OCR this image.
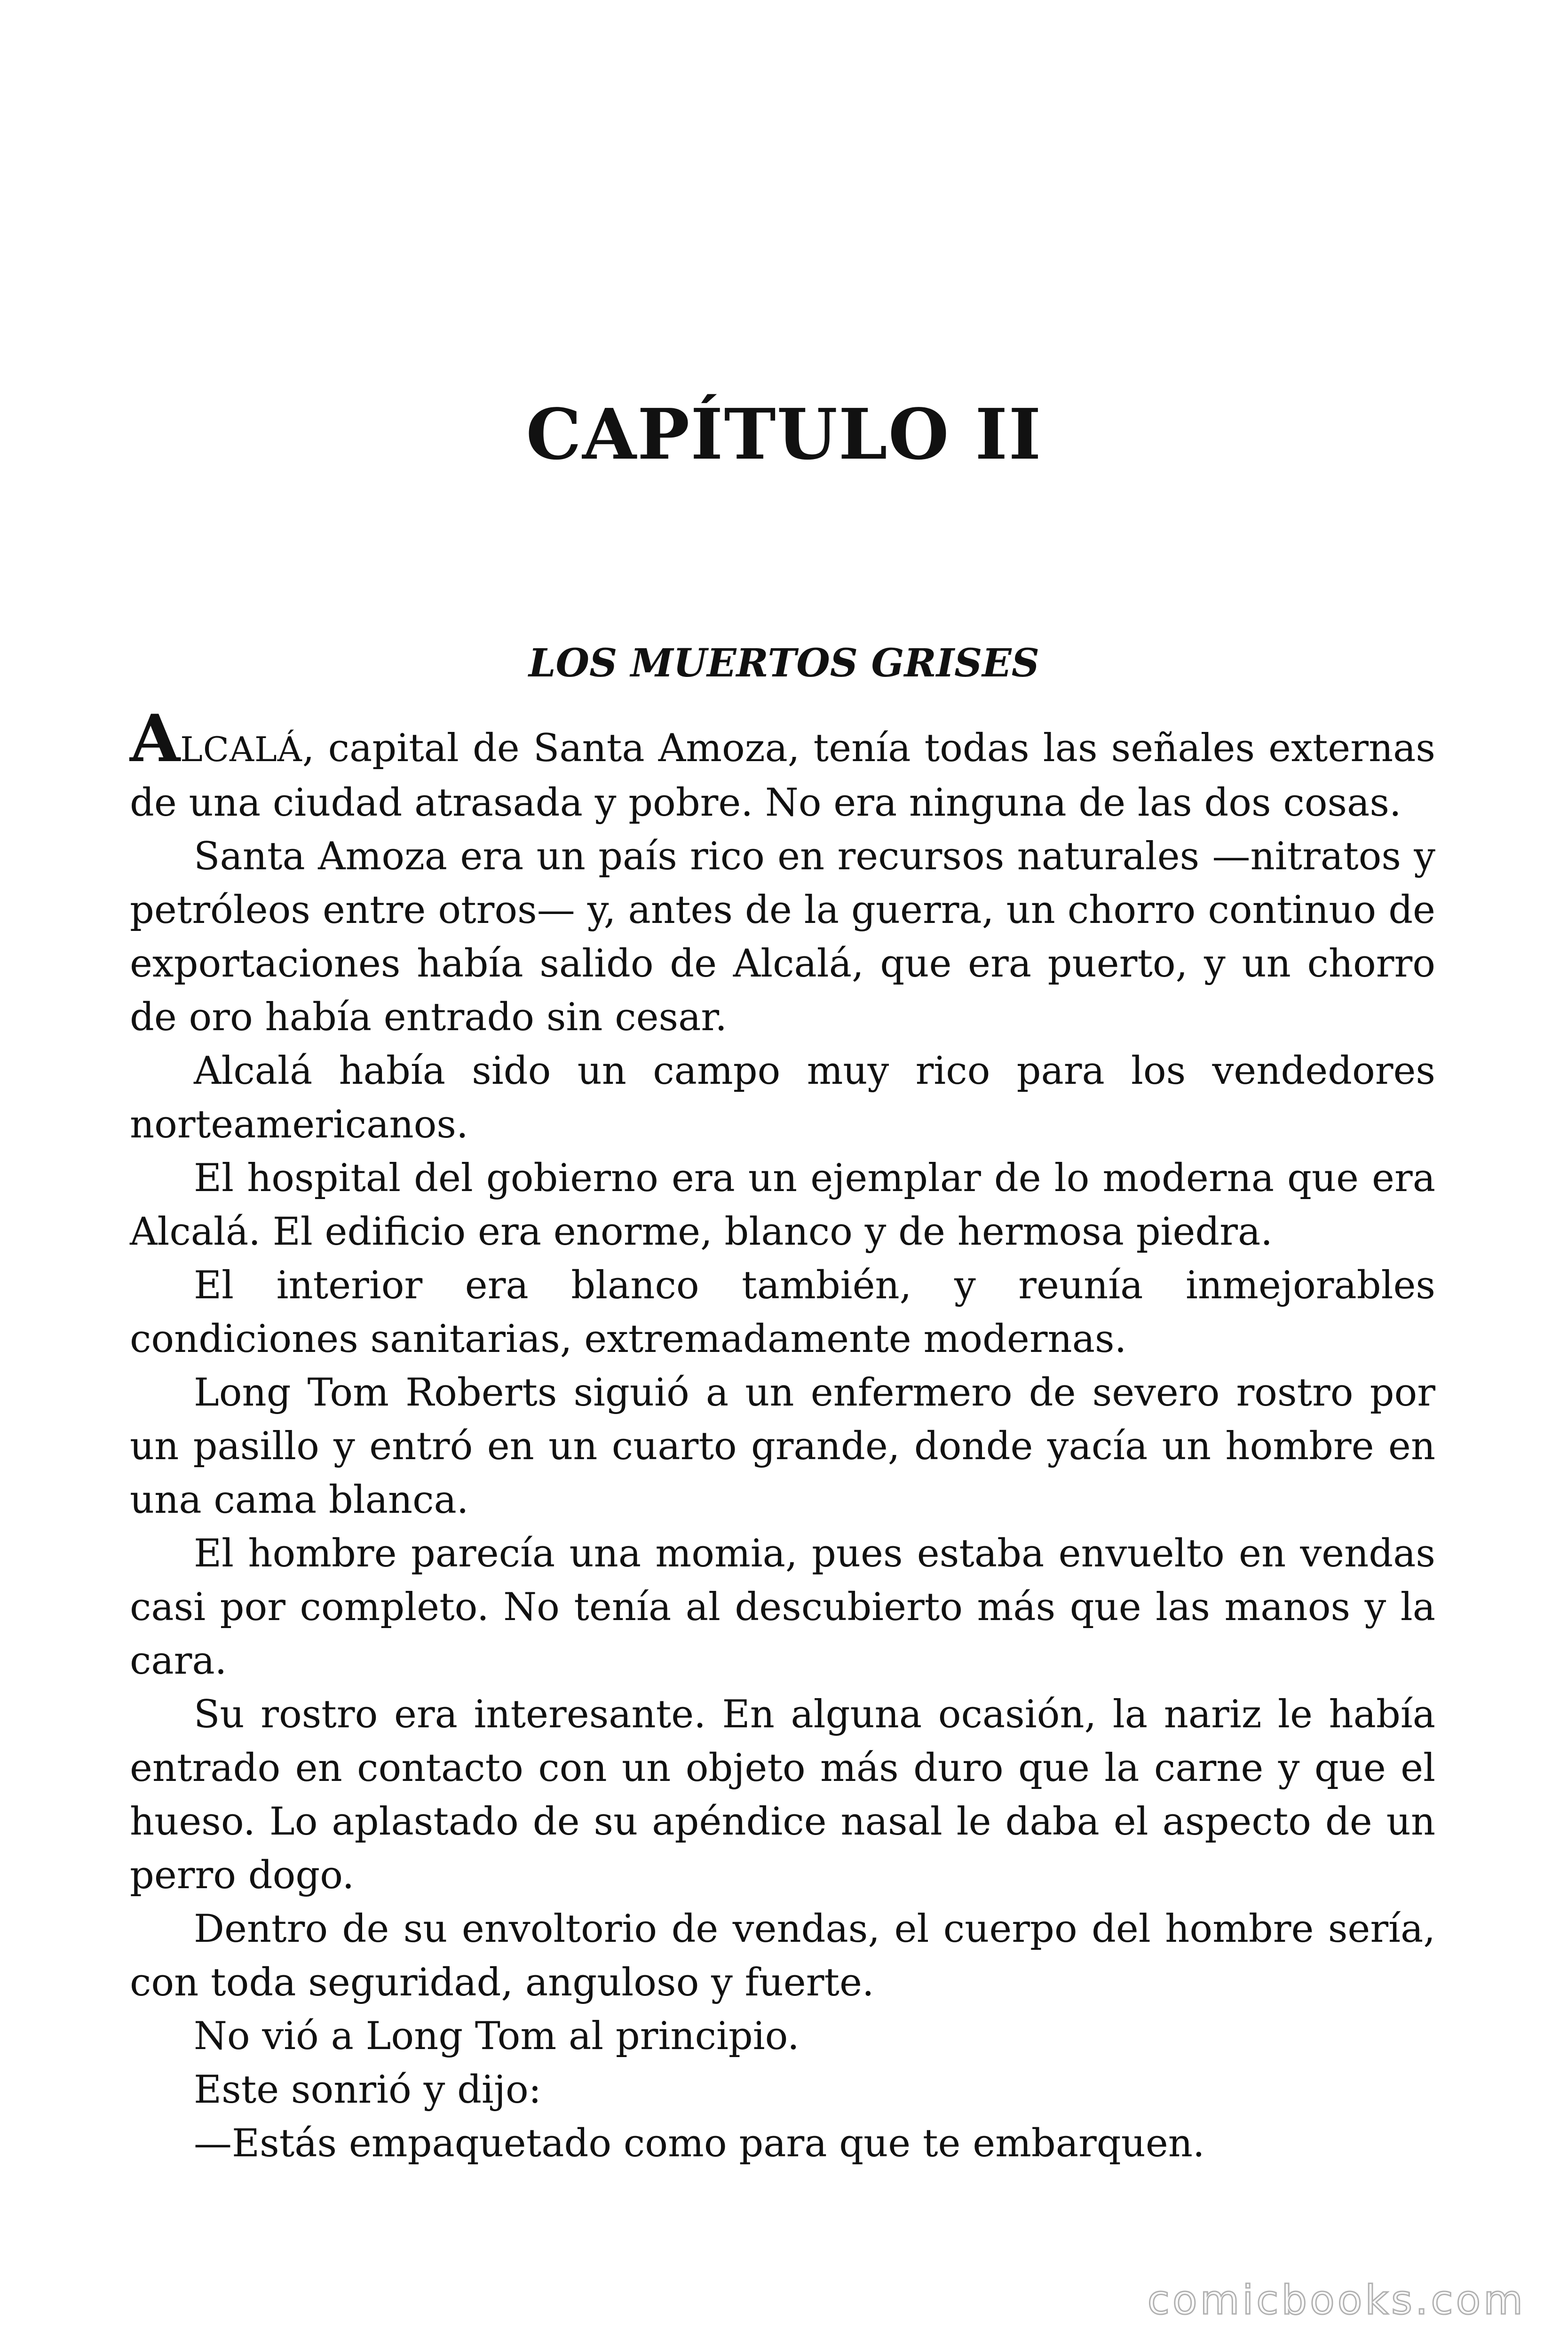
CAPÍTULO II
LOS MUERTOS GRISES

ALCALÁ, capital de Santa Amoza, tenía todas las señales externas de una ciudad atrasada y pobre. No era ninguna de las dos cosas.

Santa Amoza era un país rico en recursos naturales —nitratos y petróleos entre otros— y, antes de la guerra, un chorro continuo de exportaciones había salido de Alcalá, que era puerto, y un chorro de oro había entrado sin cesar.

Alcalá había sido un campo muy rico para los vendedores norteamericanos.

El hospital del gobierno era un ejemplar de lo moderna que era Alcalá. El edificio era enorme, blanco y de hermosa piedra.

El interior era blanco también, y reunía inmejorables condiciones sanitarias, extremadamente modernas.

Long Tom Roberts siguió a un enfermero de severo rostro por un pasillo y entró en un cuarto grande, donde yacía un hombre en una cama blanca.

El hombre parecía una momia, pues estaba envuelto en vendas casi por completo. No tenía al descubierto más que las manos y la cara.

Su rostro era interesante. En alguna ocasión, la nariz le había entrado en contacto con un objeto más duro que la carne y que el hueso. Lo aplastado de su apéndice nasal le daba el aspecto de un perro dogo.

Dentro de su envoltorio de vendas, el cuerpo del hombre sería, con toda seguridad, anguloso y fuerte.

No vió a Long Tom al principio.

Este sonrió y dijo:

—Estás empaquetado como para que te embarquen.

comicbooks.com
